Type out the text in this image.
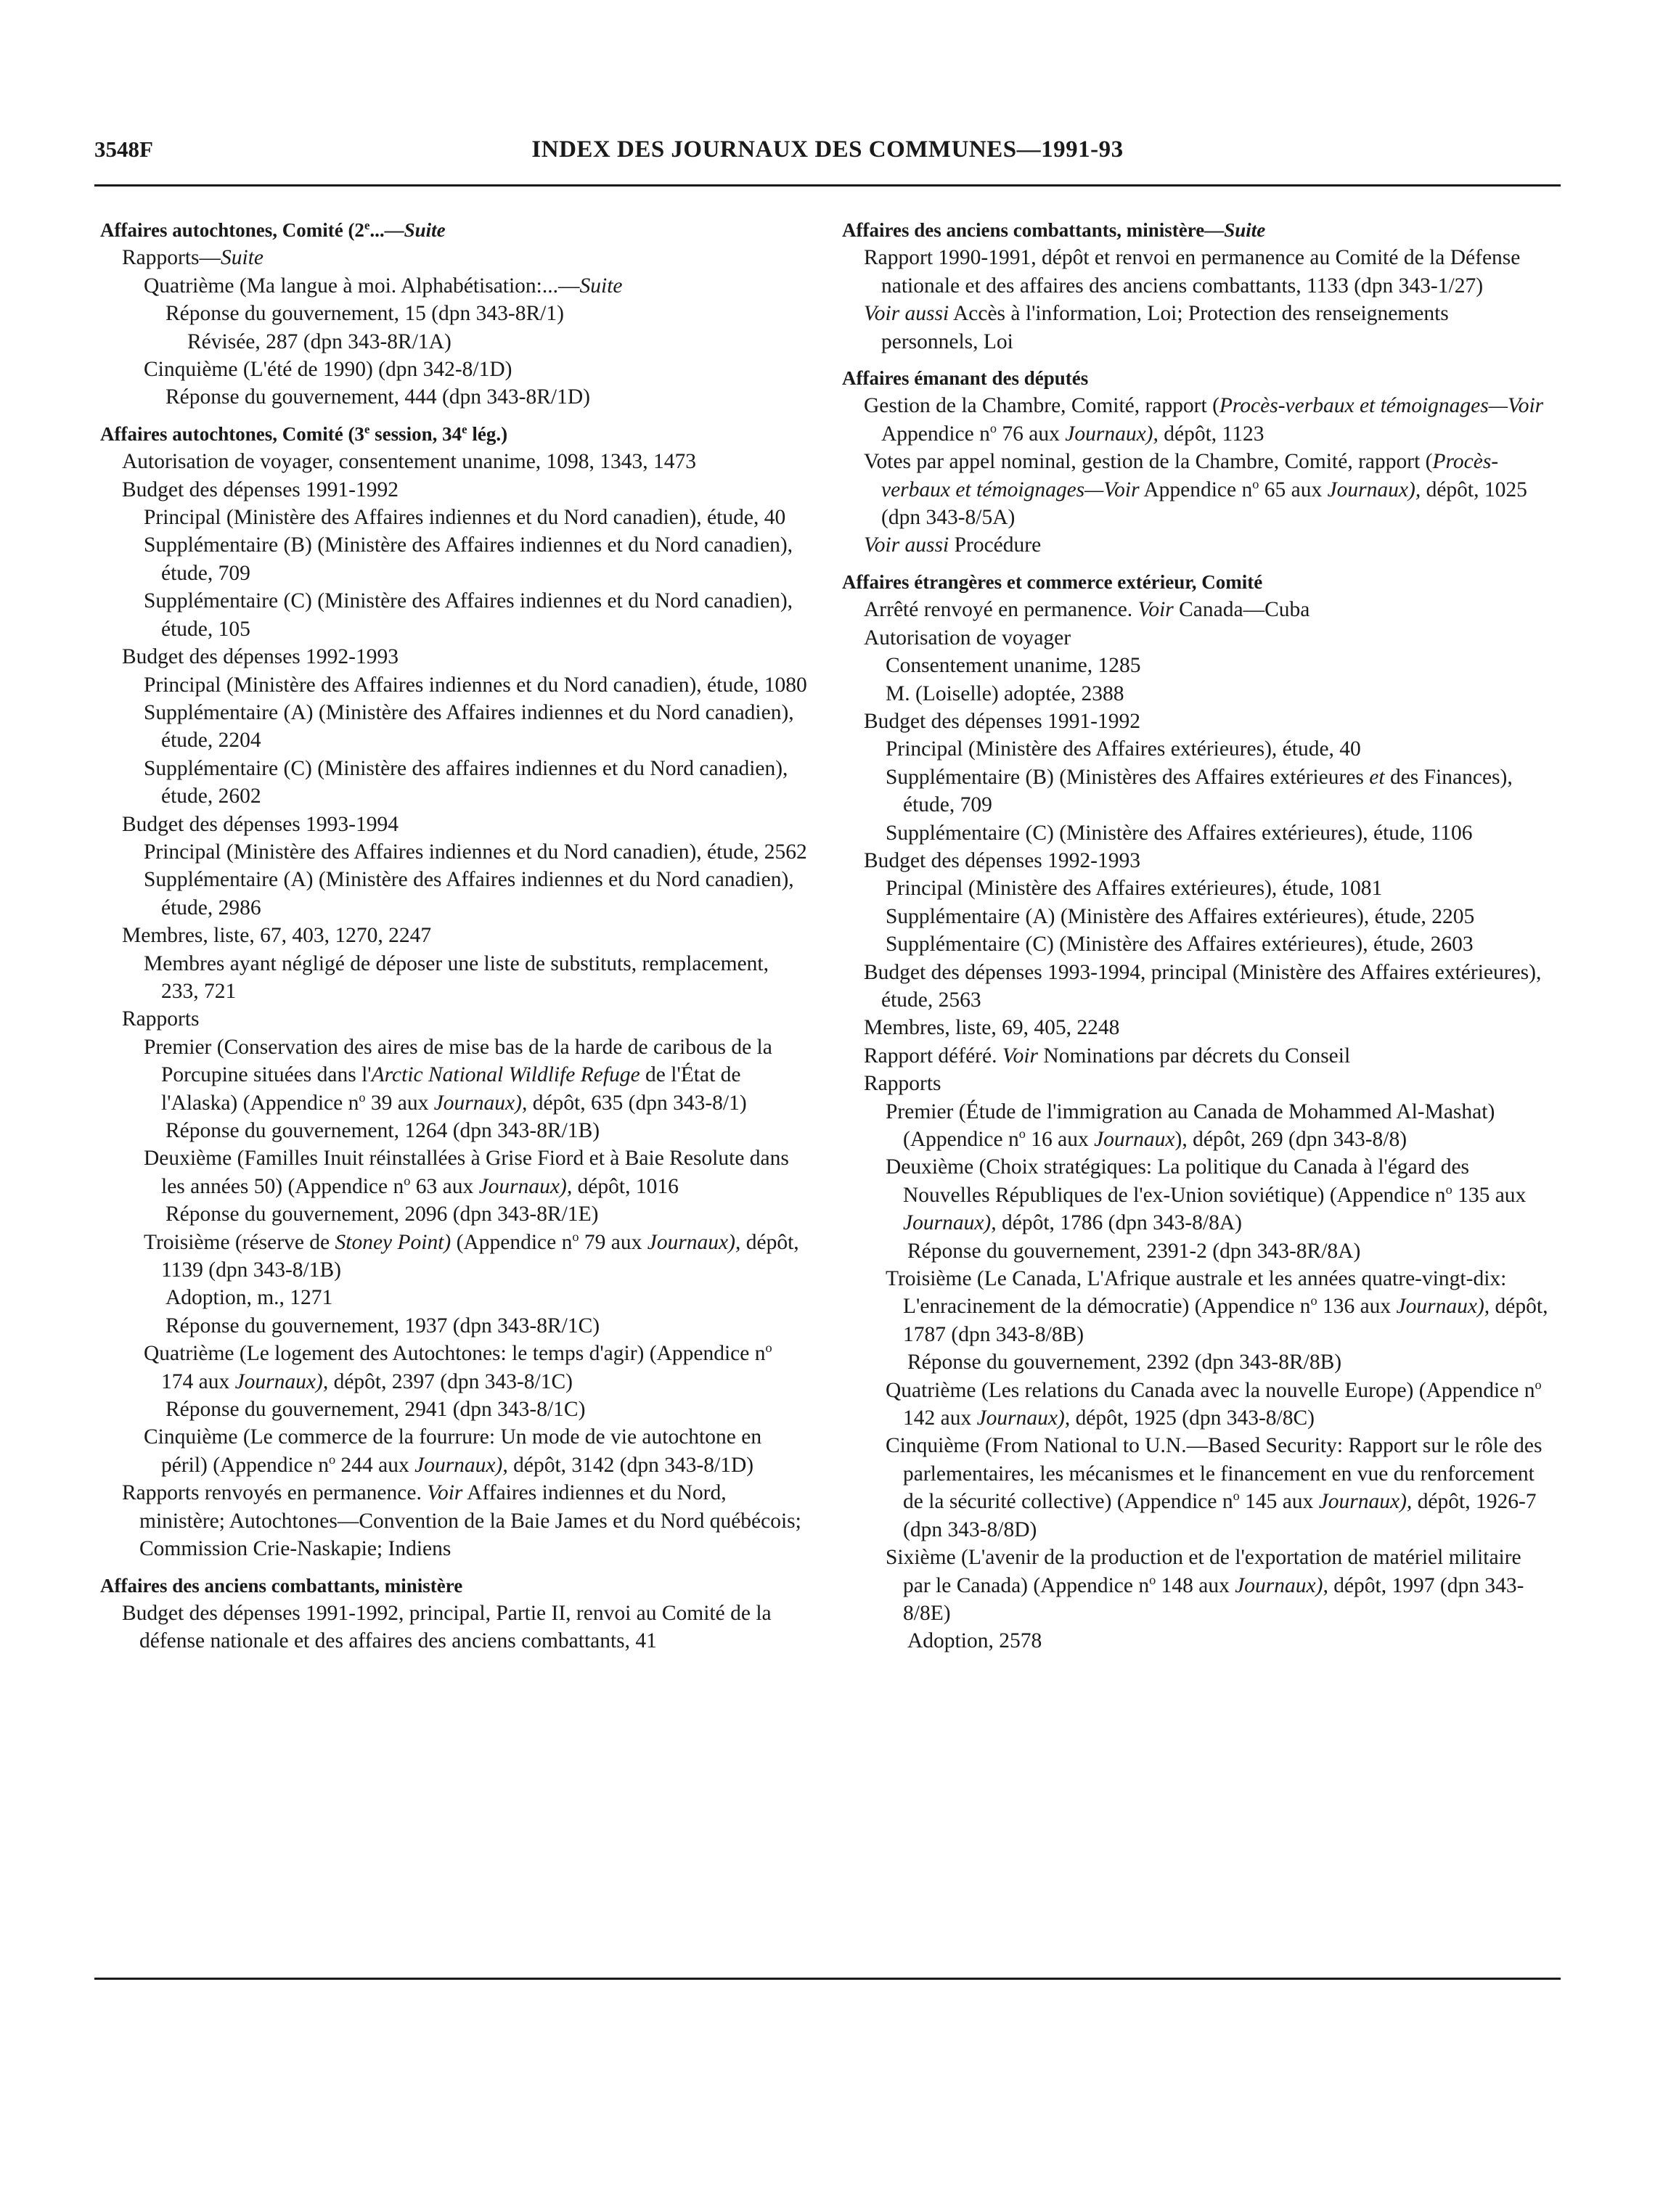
3548F	INDEX DES JOURNAUX DES COMMUNES—1991-93
Affaires autochtones, Comité (2e...—Suite
Rapports—Suite
Quatrième (Ma langue à moi. Alphabétisation:...—Suite
Réponse du gouvernement, 15 (dpn 343-8R/1)
Révisée, 287 (dpn 343-8R/1A)
Cinquième (L'été de 1990) (dpn 342-8/1D)
Réponse du gouvernement, 444 (dpn 343-8R/1D)
Affaires autochtones, Comité (3e session, 34e lég.)
Autorisation de voyager, consentement unanime, 1098, 1343, 1473
Budget des dépenses 1991-1992
Principal (Ministère des Affaires indiennes et du Nord canadien), étude, 40
Supplémentaire (B) (Ministère des Affaires indiennes et du Nord canadien), étude, 709
Supplémentaire (C) (Ministère des Affaires indiennes et du Nord canadien), étude, 105
Budget des dépenses 1992-1993
Principal (Ministère des Affaires indiennes et du Nord canadien), étude, 1080
Supplémentaire (A) (Ministère des Affaires indiennes et du Nord canadien), étude, 2204
Supplémentaire (C) (Ministère des affaires indiennes et du Nord canadien), étude, 2602
Budget des dépenses 1993-1994
Principal (Ministère des Affaires indiennes et du Nord canadien), étude, 2562
Supplémentaire (A) (Ministère des Affaires indiennes et du Nord canadien), étude, 2986
Membres, liste, 67, 403, 1270, 2247
Membres ayant négligé de déposer une liste de substituts, remplacement, 233, 721
Rapports
Premier (Conservation des aires de mise bas de la harde de caribous de la Porcupine situées dans l'Arctic National Wildlife Refuge de l'État de l'Alaska) (Appendice $n^o$ 39 aux Journaux), dépôt, 635 (dpn 343-8/1)
Réponse du gouvernement, 1264 (dpn 343-8R/1B)
Deuxième (Familles Inuit réinstallées à Grise Fiord et à Baie Resolute dans les années 50) (Appendice $n^o$ 63 aux Journaux), dépôt, 1016
Réponse du gouvernement, 2096 (dpn 343-8R/1E)
Troisième (réserve de Stoney Point) (Appendice $n^o$ 79 aux Journaux), dépôt, 1139 (dpn 343-8/1B)
Adoption, m., 1271
Réponse du gouvernement, 1937 (dpn 343-8R/1C)
Quatrième (Le logement des Autochtones: le temps d'agir) (Appendice $n^o$ 174 aux Journaux), dépôt, 2397 (dpn 343-8/1C)
Réponse du gouvernement, 2941 (dpn 343-8/1C)
Cinquième (Le commerce de la fourrure: Un mode de vie autochtone en péril) (Appendice $n^o$ 244 aux Journaux), dépôt, 3142 (dpn 343-8/1D)
Rapports renvoyés en permanence. Voir Affaires indiennes et du Nord, ministère; Autochtones—Convention de la Baie James et du Nord québécois; Commission Crie-Naskapie; Indiens
Affaires des anciens combattants, ministère
Budget des dépenses 1991-1992, principal, Partie II, renvoi au Comité de la défense nationale et des affaires des anciens combattants, 41
Affaires des anciens combattants, ministère—Suite
Rapport 1990-1991, dépôt et renvoi en permanence au Comité de la Défense nationale et des affaires des anciens combattants, 1133 (dpn 343-1/27)
Voir aussi Accès à l'information, Loi; Protection des renseignements personnels, Loi
Affaires émanant des députés
Gestion de la Chambre, Comité, rapport (Procès-verbaux et témoignages—Voir Appendice $n^o$ 76 aux Journaux), dépôt, 1123
Votes par appel nominal, gestion de la Chambre, Comité, rapport (Procès-verbaux et témoignages—Voir Appendice $n^o$ 65 aux Journaux), dépôt, 1025 (dpn 343-8/5A)
Voir aussi Procédure
Affaires étrangères et commerce extérieur, Comité
Arrêté renvoyé en permanence. Voir Canada—Cuba
Autorisation de voyager
Consentement unanime, 1285
M. (Loiselle) adoptée, 2388
Budget des dépenses 1991-1992
Principal (Ministère des Affaires extérieures), étude, 40
Supplémentaire (B) (Ministères des Affaires extérieures et des Finances), étude, 709
Supplémentaire (C) (Ministère des Affaires extérieures), étude, 1106
Budget des dépenses 1992-1993
Principal (Ministère des Affaires extérieures), étude, 1081
Supplémentaire (A) (Ministère des Affaires extérieures), étude, 2205
Supplémentaire (C) (Ministère des Affaires extérieures), étude, 2603
Budget des dépenses 1993-1994, principal (Ministère des Affaires extérieures), étude, 2563
Membres, liste, 69, 405, 2248
Rapport déféré. Voir Nominations par décrets du Conseil
Rapports
Premier (Étude de l'immigration au Canada de Mohammed Al-Mashat) (Appendice $n^o$ 16 aux Journaux), dépôt, 269 (dpn 343-8/8)
Deuxième (Choix stratégiques: La politique du Canada à l'égard des Nouvelles Républiques de l'ex-Union soviétique) (Appendice $n^o$ 135 aux Journaux), dépôt, 1786 (dpn 343-8/8A)
Réponse du gouvernement, 2391-2 (dpn 343-8R/8A)
Troisième (Le Canada, L'Afrique australe et les années quatre-vingt-dix: L'enracinement de la démocratie) (Appendice $n^o$ 136 aux Journaux), dépôt, 1787 (dpn 343-8/8B)
Réponse du gouvernement, 2392 (dpn 343-8R/8B)
Quatrième (Les relations du Canada avec la nouvelle Europe) (Appendice $n^o$ 142 aux Journaux), dépôt, 1925 (dpn 343-8/8C)
Cinquième (From National to U.N.—Based Security: Rapport sur le rôle des parlementaires, les mécanismes et le financement en vue du renforcement de la sécurité collective) (Appendice $n^o$ 145 aux Journaux), dépôt, 1926-7 (dpn 343-8/8D)
Sixième (L'avenir de la production et de l'exportation de matériel militaire par le Canada) (Appendice $n^o$ 148 aux Journaux), dépôt, 1997 (dpn 343-8/8E)
Adoption, 2578
